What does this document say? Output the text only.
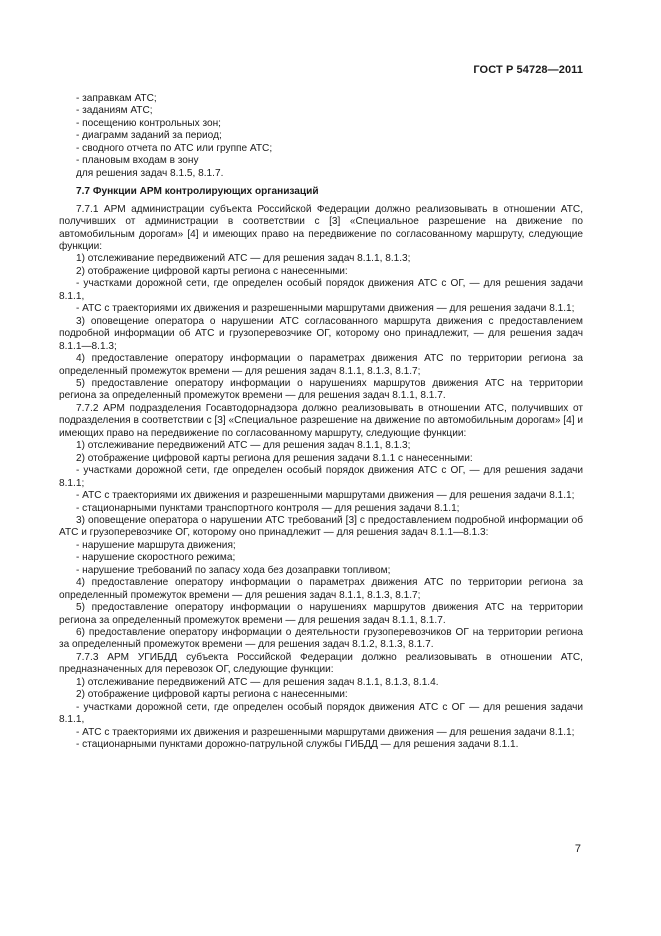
ГОСТ Р 54728—2011

- заправкам АТС;

- заданиям АТС;

- посещению контрольных зон;

- диаграмм заданий за период;

- сводного отчета по АТС или группе АТС;

- плановым входам в зону

для решения задач 8.1.5, 8.1.7.

7.7 Функции АРМ контролирующих организаций

7.7.1 АРМ администрации субъекта Российской Федерации должно реализовывать в отношении АТС, получивших от администрации в соответствии с [3] «Специальное разрешение на движение по автомобильным дорогам» [4] и имеющих право на передвижение по согласованному маршруту, следующие функции:

1) отслеживание передвижений АТС — для решения задач 8.1.1, 8.1.3;

2) отображение цифровой карты региона с нанесенными:

- участками дорожной сети, где определен особый порядок движения АТС с ОГ, — для решения задачи 8.1.1,

- АТС с траекториями их движения и разрешенными маршрутами движения — для решения задачи 8.1.1;

3) оповещение оператора о нарушении АТС согласованного маршрута движения с предоставлением подробной информации об АТС и грузоперевозчике ОГ, которому оно принадлежит, — для решения задач 8.1.1—8.1.3;

4) предоставление оператору информации о параметрах движения АТС по территории региона за определенный промежуток времени — для решения задач 8.1.1, 8.1.3, 8.1.7;

5) предоставление оператору информации о нарушениях маршрутов движения АТС на территории региона за определенный промежуток времени — для решения задач 8.1.1, 8.1.7.

7.7.2 АРМ подразделения Госавтодорнадзора должно реализовывать в отношении АТС, получивших от подразделения в соответствии с [3] «Специальное разрешение на движение по автомобильным дорогам» [4] и имеющих право на передвижение по согласованному маршруту, следующие функции:

1) отслеживание передвижений АТС — для решения задач 8.1.1, 8.1.3;

2) отображение цифровой карты региона для решения задачи 8.1.1 с нанесенными:

- участками дорожной сети, где определен особый порядок движения АТС с ОГ, — для решения задачи 8.1.1;

- АТС с траекториями их движения и разрешенными маршрутами движения — для решения задачи 8.1.1;

- стационарными пунктами транспортного контроля — для решения задачи 8.1.1;

3) оповещение оператора о нарушении АТС требований [3] с предоставлением подробной информации об АТС и грузоперевозчике ОГ, которому оно принадлежит — для решения задач 8.1.1—8.1.3:

- нарушение маршрута движения;

- нарушение скоростного режима;

- нарушение требований по запасу хода без дозаправки топливом;

4) предоставление оператору информации о параметрах движения АТС по территории региона за определенный промежуток времени — для решения задач 8.1.1, 8.1.3, 8.1.7;

5) предоставление оператору информации о нарушениях маршрутов движения АТС на территории региона за определенный промежуток времени — для решения задач 8.1.1, 8.1.7.

6) предоставление оператору информации о деятельности грузоперевозчиков ОГ на территории региона за определенный промежуток времени — для решения задач 8.1.2, 8.1.3, 8.1.7.

7.7.3 АРМ УГИБДД субъекта Российской Федерации должно реализовывать в отношении АТС, предназначенных для перевозок ОГ, следующие функции:

1) отслеживание передвижений АТС — для решения задач 8.1.1, 8.1.3, 8.1.4.

2) отображение цифровой карты региона с нанесенными:

- участками дорожной сети, где определен особый порядок движения АТС с ОГ — для решения задачи 8.1.1,

- АТС с траекториями их движения и разрешенными маршрутами движения — для решения задачи 8.1.1;

- стационарными пунктами дорожно-патрульной службы ГИБДД — для решения задачи 8.1.1.

7
